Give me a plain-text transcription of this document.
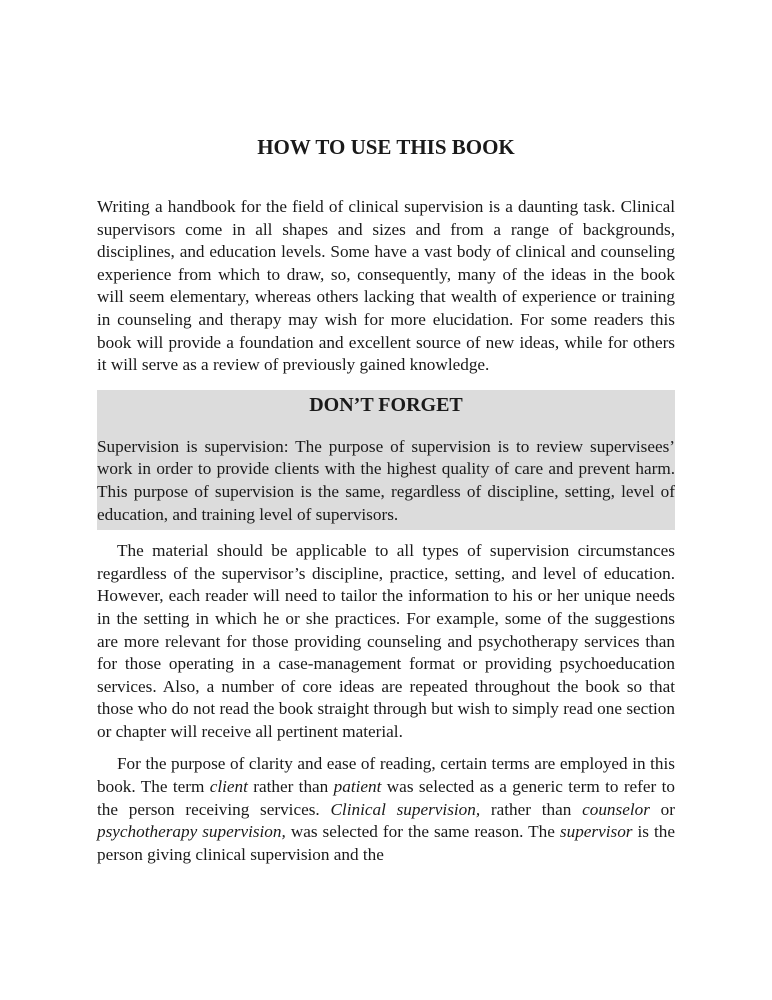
HOW TO USE THIS BOOK

Writing a handbook for the field of clinical supervision is a daunting task. Clinical supervisors come in all shapes and sizes and from a range of backgrounds, disciplines, and education levels. Some have a vast body of clinical and counseling experience from which to draw, so, consequently, many of the ideas in the book will seem elementary, whereas others lacking that wealth of experience or training in counseling and therapy may wish for more elucidation. For some readers this book will provide a foundation and excellent source of new ideas, while for others it will serve as a review of previously gained knowledge.

DON’T FORGET

Supervision is supervision: The purpose of supervision is to review supervisees’ work in order to provide clients with the highest quality of care and prevent harm. This purpose of supervision is the same, regardless of discipline, setting, level of education, and training level of supervisors.

The material should be applicable to all types of supervision circumstances regardless of the supervisor’s discipline, practice, setting, and level of education. However, each reader will need to tailor the information to his or her unique needs in the setting in which he or she practices. For example, some of the suggestions are more relevant for those providing counseling and psychotherapy services than for those operating in a case-management format or providing psychoeducation services. Also, a number of core ideas are repeated throughout the book so that those who do not read the book straight through but wish to simply read one section or chapter will receive all pertinent material.

For the purpose of clarity and ease of reading, certain terms are employed in this book. The term client rather than patient was selected as a generic term to refer to the person receiving services. Clinical supervision, rather than counselor or psychotherapy supervision, was selected for the same reason. The supervisor is the person giving clinical supervision and the
